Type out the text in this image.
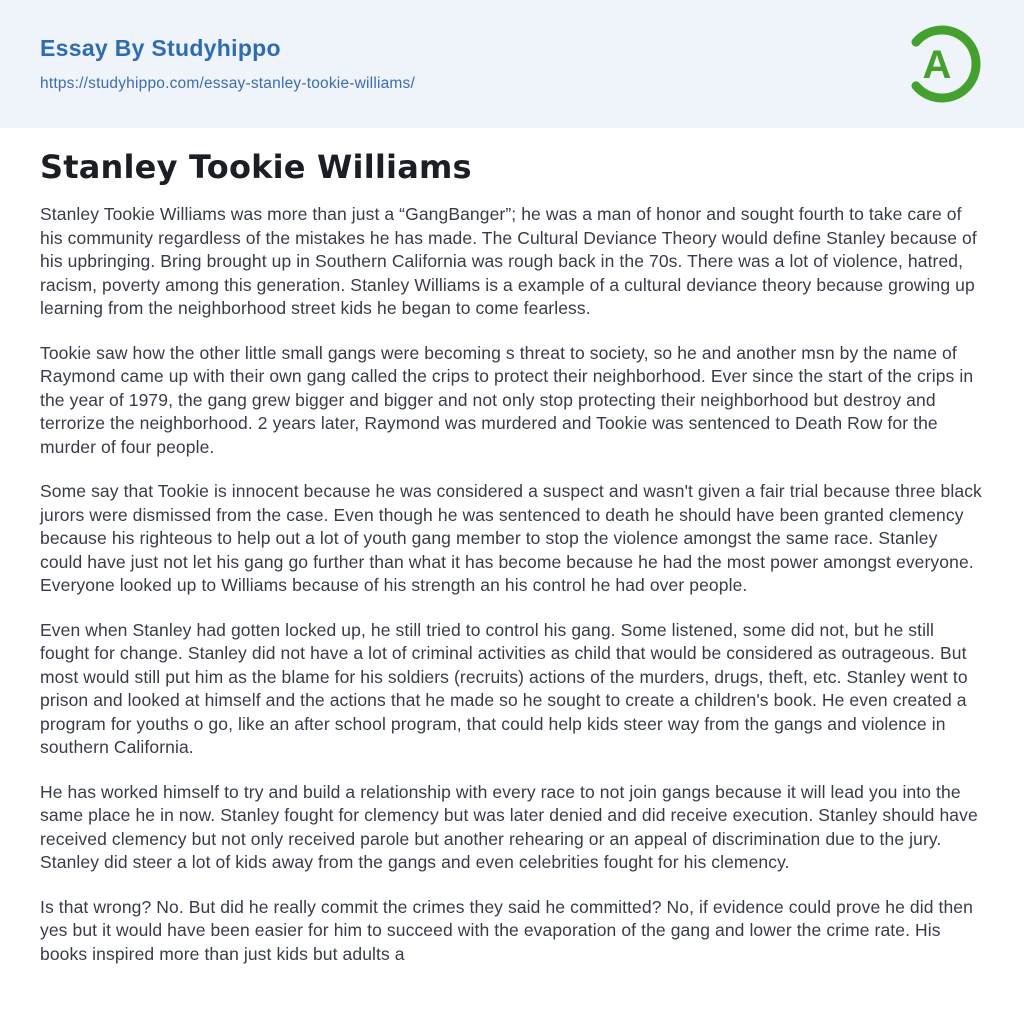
Essay By Studyhippo
https://studyhippo.com/essay-stanley-tookie-williams/	A
Stanley Tookie Williams

Stanley Tookie Williams was more than just a “GangBanger”; he was a man of honor and sought fourth to take care of his community regardless of the mistakes he has made. The Cultural Deviance Theory would define Stanley because of his upbringing. Bring brought up in Southern California was rough back in the 70s. There was a lot of violence, hatred, racism, poverty among this generation. Stanley Williams is a example of a cultural deviance theory because growing up learning from the neighborhood street kids he began to come fearless.

Tookie saw how the other little small gangs were becoming s threat to society, so he and another msn by the name of Raymond came up with their own gang called the crips to protect their neighborhood. Ever since the start of the crips in the year of 1979, the gang grew bigger and bigger and not only stop protecting their neighborhood but destroy and terrorize the neighborhood. 2 years later, Raymond was murdered and Tookie was sentenced to Death Row for the murder of four people.

Some say that Tookie is innocent because he was considered a suspect and wasn't given a fair trial because three black jurors were dismissed from the case. Even though he was sentenced to death he should have been granted clemency because his righteous to help out a lot of youth gang member to stop the violence amongst the same race. Stanley could have just not let his gang go further than what it has become because he had the most power amongst everyone. Everyone looked up to Williams because of his strength an his control he had over people.

Even when Stanley had gotten locked up, he still tried to control his gang. Some listened, some did not, but he still fought for change. Stanley did not have a lot of criminal activities as child that would be considered as outrageous. But most would still put him as the blame for his soldiers (recruits) actions of the murders, drugs, theft, etc. Stanley went to prison and looked at himself and the actions that he made so he sought to create a children's book. He even created a program for youths o go, like an after school program, that could help kids steer way from the gangs and violence in southern California.

He has worked himself to try and build a relationship with every race to not join gangs because it will lead you into the same place he in now. Stanley fought for clemency but was later denied and did receive execution. Stanley should have received clemency but not only received parole but another rehearing or an appeal of discrimination due to the jury. Stanley did steer a lot of kids away from the gangs and even celebrities fought for his clemency.

Is that wrong? No. But did he really commit the crimes they said he committed? No, if evidence could prove he did then yes but it would have been easier for him to succeed with the evaporation of the gang and lower the crime rate. His books inspired more than just kids but adults a
